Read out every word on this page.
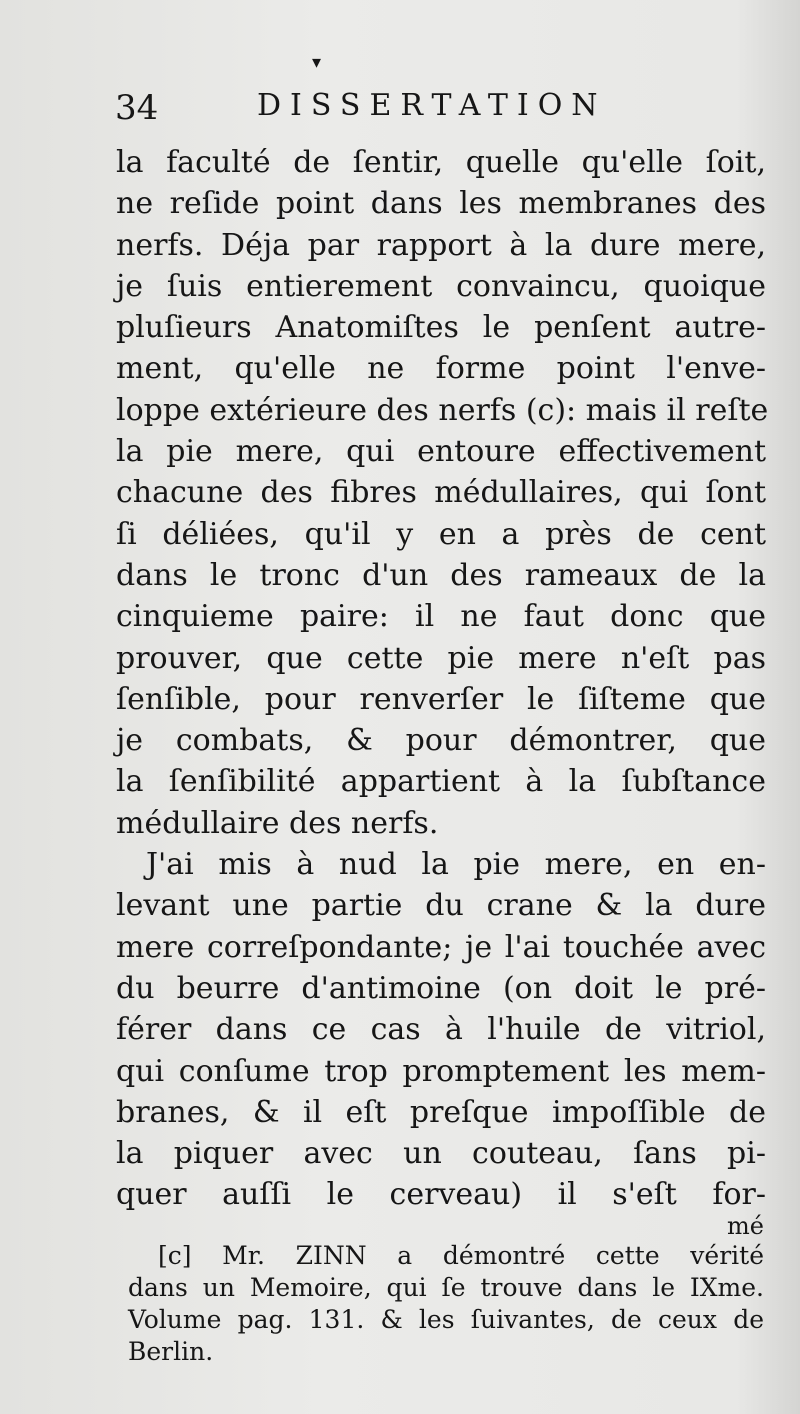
▾
34	DISSERTATION
la faculté de ſentir, quelle qu'elle ſoit,
ne reſide point dans les membranes des
nerfs. Déja par rapport à la dure mere,
je ſuis entierement convaincu, quoique
pluſieurs Anatomiſtes le penſent autre-
ment, qu'elle ne forme point l'enve-
loppe extérieure des nerfs (c): mais il reſte
la pie mere, qui entoure effectivement
chacune des fibres médullaires, qui ſont
ſi déliées, qu'il y en a près de cent
dans le tronc d'un des rameaux de la
cinquieme paire: il ne faut donc que
prouver, que cette pie mere n'eſt pas
ſenſible, pour renverſer le ſiſteme que
je combats, & pour démontrer, que
la ſenſibilité appartient à la ſubſtance
médullaire des nerfs.
J'ai mis à nud la pie mere, en en-
levant une partie du crane & la dure
mere correſpondante; je l'ai touchée avec
du beurre d'antimoine (on doit le pré-
férer dans ce cas à l'huile de vitriol,
qui conſume trop promptement les mem-
branes, & il eſt preſque impoſſible de
la piquer avec un couteau, ſans pi-
quer auſſi le cerveau) il s'eſt for-
mé
[c] Mr. ZINN a démontré cette vérité
dans un Memoire, qui ſe trouve dans le IXme.
Volume pag. 131. & les ſuivantes, de ceux de
Berlin.
